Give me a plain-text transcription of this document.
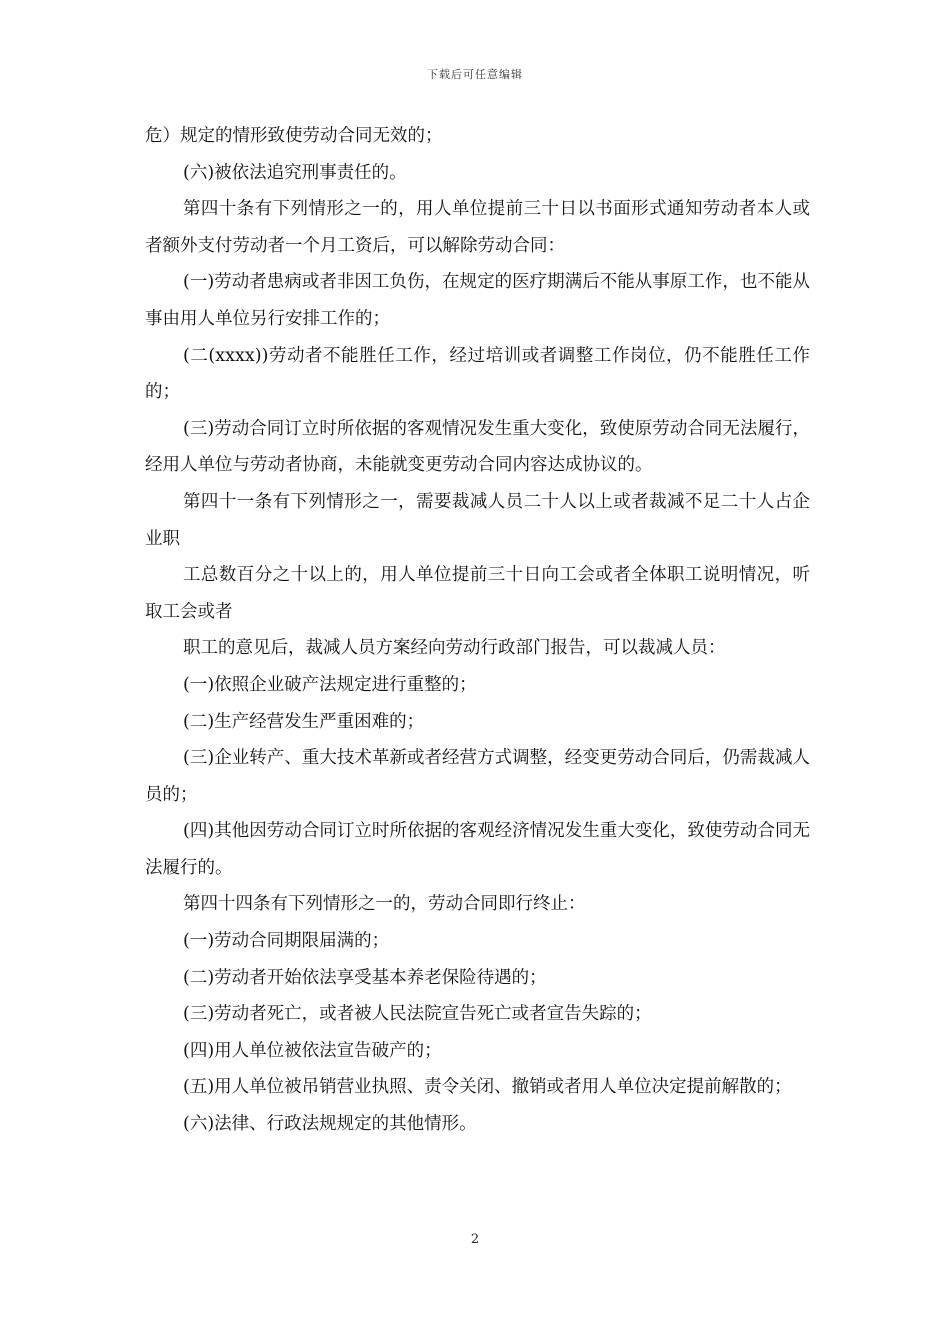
下载后可任意编辑

危）规定的情形致使劳动合同无效的；

(六)被依法追究刑事责任的。

第四十条有下列情形之一的，用人单位提前三十日以书面形式通知劳动者本人或者额外支付劳动者一个月工资后，可以解除劳动合同：

(一)劳动者患病或者非因工负伤，在规定的医疗期满后不能从事原工作，也不能从事由用人单位另行安排工作的；

(二(xxxx))劳动者不能胜任工作，经过培训或者调整工作岗位，仍不能胜任工作的；

(三)劳动合同订立时所依据的客观情况发生重大变化，致使原劳动合同无法履行，经用人单位与劳动者协商，未能就变更劳动合同内容达成协议的。

第四十一条有下列情形之一，需要裁减人员二十人以上或者裁减不足二十人占企业职

工总数百分之十以上的，用人单位提前三十日向工会或者全体职工说明情况，听取工会或者

职工的意见后，裁减人员方案经向劳动行政部门报告，可以裁减人员：

(一)依照企业破产法规定进行重整的；

(二)生产经营发生严重困难的；

(三)企业转产、重大技术革新或者经营方式调整，经变更劳动合同后，仍需裁减人员的；

(四)其他因劳动合同订立时所依据的客观经济情况发生重大变化，致使劳动合同无法履行的。

第四十四条有下列情形之一的，劳动合同即行终止：

(一)劳动合同期限届满的；

(二)劳动者开始依法享受基本养老保险待遇的；

(三)劳动者死亡，或者被人民法院宣告死亡或者宣告失踪的；

(四)用人单位被依法宣告破产的；

(五)用人单位被吊销营业执照、责令关闭、撤销或者用人单位决定提前解散的；

(六)法律、行政法规规定的其他情形。

2
